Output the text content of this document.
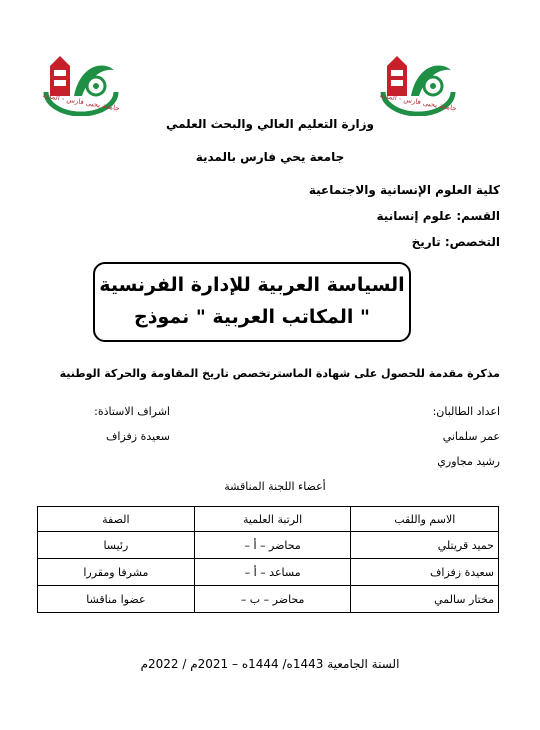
جامعة يحيى فارس - المدية	جامعة يحيى فارس - المدية
وزارة التعليم العالي والبحث العلمي
جامعة يحي فارس بالمدية
كلية العلوم الإنسانية والاجتماعية
القسم: علوم إنسانية
التخصص: تاريخ
السياسة العربية للإدارة الفرنسية
" المكاتب العربية " نموذج
مذكرة مقدمة للحصول على شهادة الماسترتخصص تاريخ المقاومة والحركة الوطنية
اعداد الطالبان:
عمر سلماني
رشيد مجاوري
اشراف الاستاذة:
سعيدة زفزاف
أعضاء اللجنة المناقشة
الاسم واللقب	الرتبة العلمية	الصفة
حميد قريتلي	محاضر – أ –	رئيسا
سعيدة زفزاف	مساعد – أ –	مشرفا ومقررا
مختار سالمي	محاضر – ب –	عضوا مناقشا
السنة الجامعية 1443ه/ 1444ه – 2021م / 2022م
